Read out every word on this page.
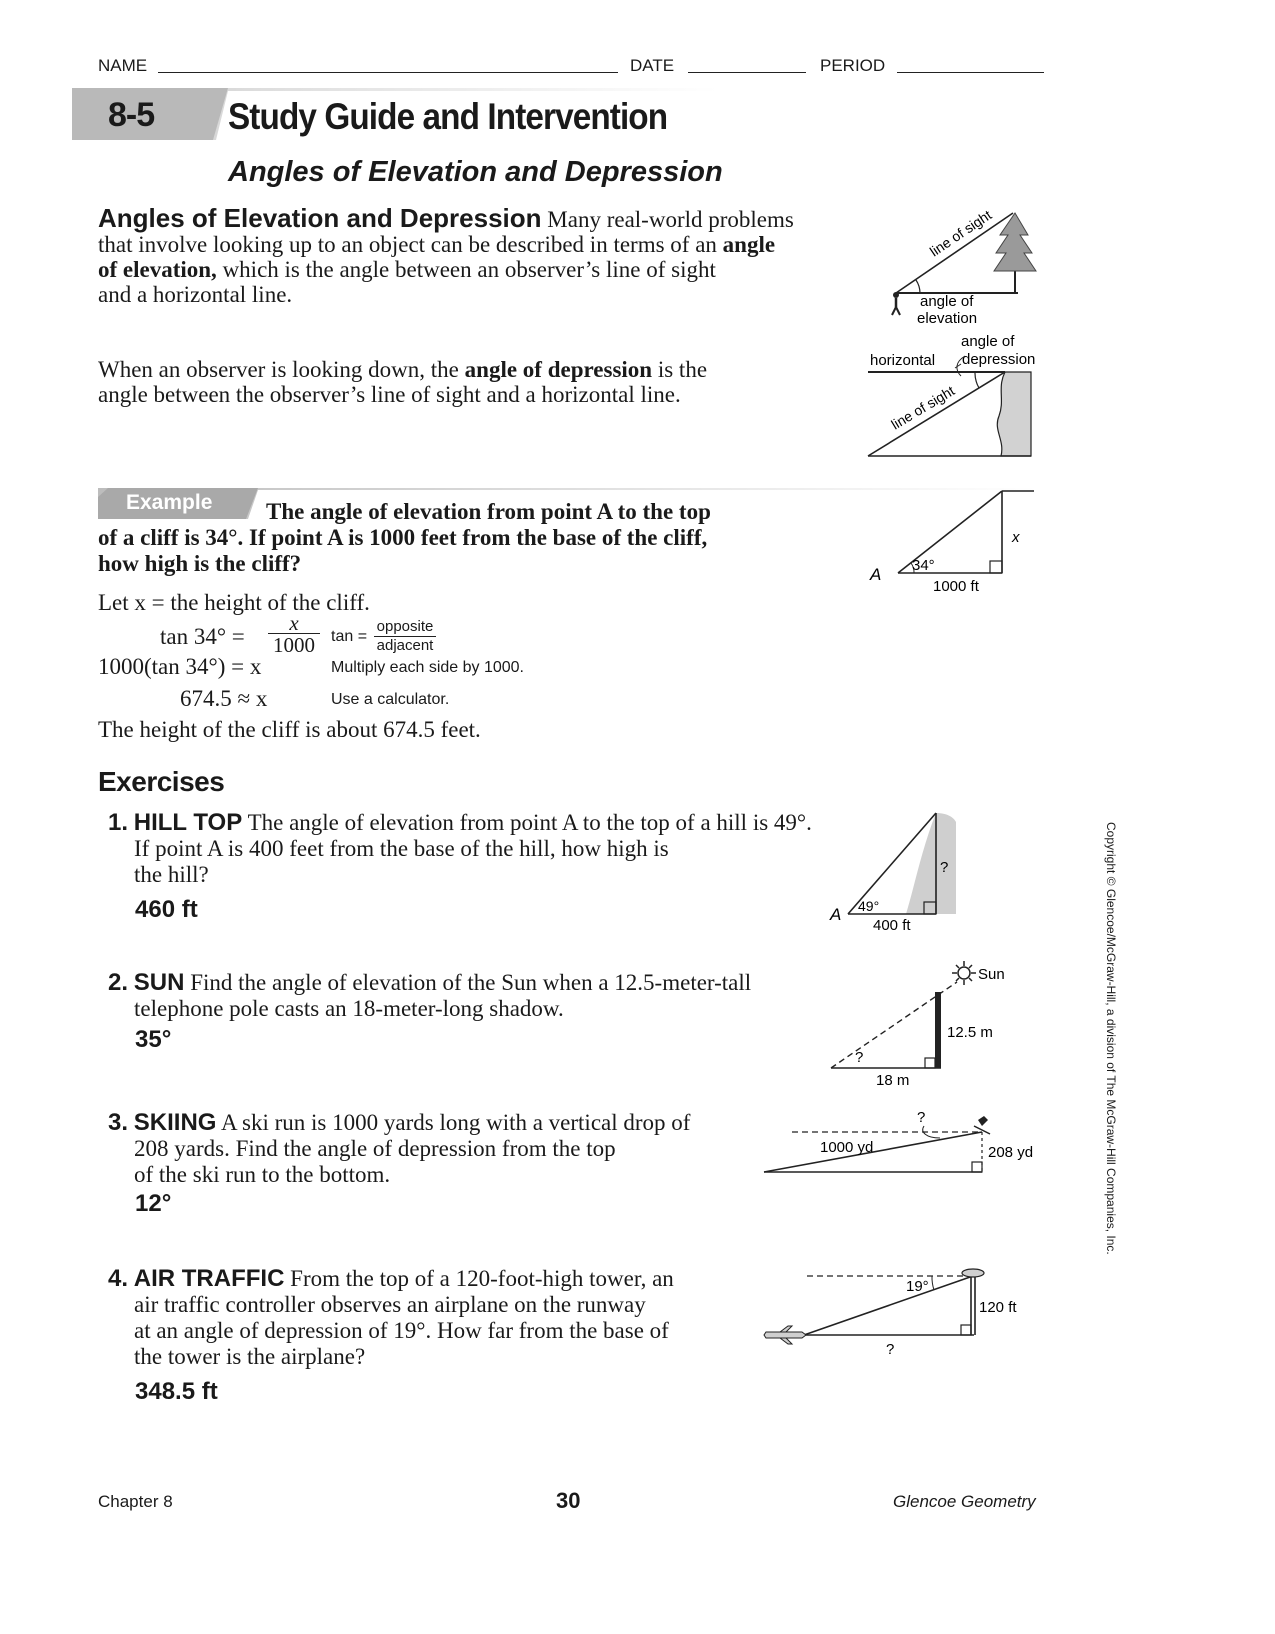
NAME	DATE	PERIOD
8-5 Study Guide and Intervention
Angles of Elevation and Depression
Angles of Elevation and Depression Many real-world problems
that involve looking up to an object can be described in terms of an angle
of elevation, which is the angle between an observer’s line of sight
and a horizontal line.
When an observer is looking down, the angle of depression is the
angle between the observer’s line of sight and a horizontal line.
line of sight
angle of
elevation
horizontal
angle of
depression
line of sight
Example	The angle of elevation from point A to the top
of a cliff is 34°. If point A is 1000 feet from the base of the cliff,
how high is the cliff?	A 34°
1000 ft
x
Let x = the height of the cliff.
$\tan 34^\circ = \frac{x}{1000}$ tan =
opposite
adjacent
1000(tan 34°) = x	Multiply each side by 1000.
674.5 ≈ x	Use a calculator.
The height of the cliff is about 674.5 feet.
Exercises
1. HILL TOP The angle of elevation from point A to the top of a hill is 49°.
If point A is 400 feet from the base of the hill, how high is
the hill?
460 ft	A 49°
400 ft
?
2. SUN Find the angle of elevation of the Sun when a 12.5-meter-tall
telephone pole casts an 18-meter-long shadow.
35°
Sun
12.5 m
18 m
?
3. SKIING A ski run is 1000 yards long with a vertical drop of
208 yards. Find the angle of depression from the top
of the ski run to the bottom.
12°
?
1000 yd	208 yd
4. AIR TRAFFIC From the top of a 120-foot-high tower, an
air traffic controller observes an airplane on the runway
at an angle of depression of 19°. How far from the base of
the tower is the airplane?
348.5 ft
19°
120 ft
?
Copyright © Glencoe/McGraw-Hill, a division of The McGraw-Hill Companies, Inc.
Chapter 8	30	Glencoe Geometry
